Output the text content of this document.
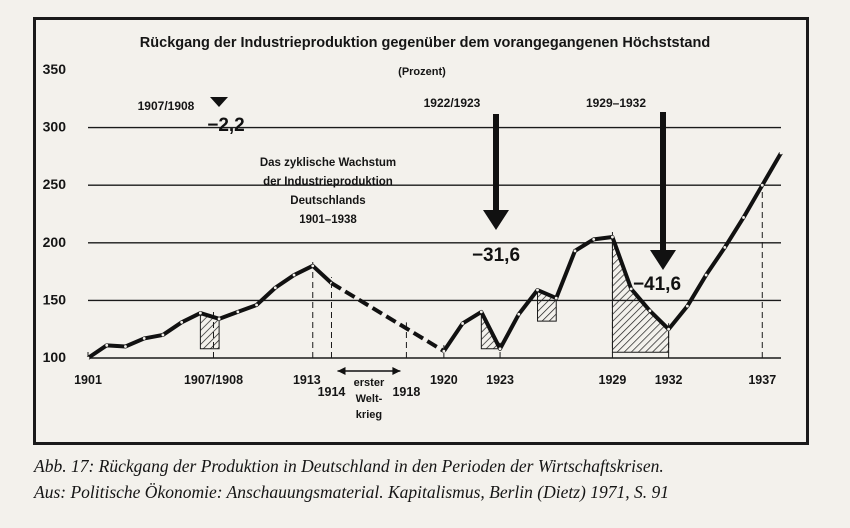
Rückgang der Industrieproduktion gegenüber dem vorangegangenen Höchststand
(Prozent)
100
150
200
250
300
350
1901	1907/1908	1913
1914	1918
1920 1923	1929 1932	1937
Das zyklische Wachstum
der Industrieproduktion
Deutschlands
1901–1938
1907/1908
−2,2
1922/1923
−31,6
1929–1932
−41,6
erster
Welt-
krieg
Abb. 17: Rückgang der Produktion in Deutschland in den Perioden der Wirtschaftskrisen.
Aus: Politische Ökonomie: Anschauungsmaterial. Kapitalismus, Berlin (Dietz) 1971, S. 91
